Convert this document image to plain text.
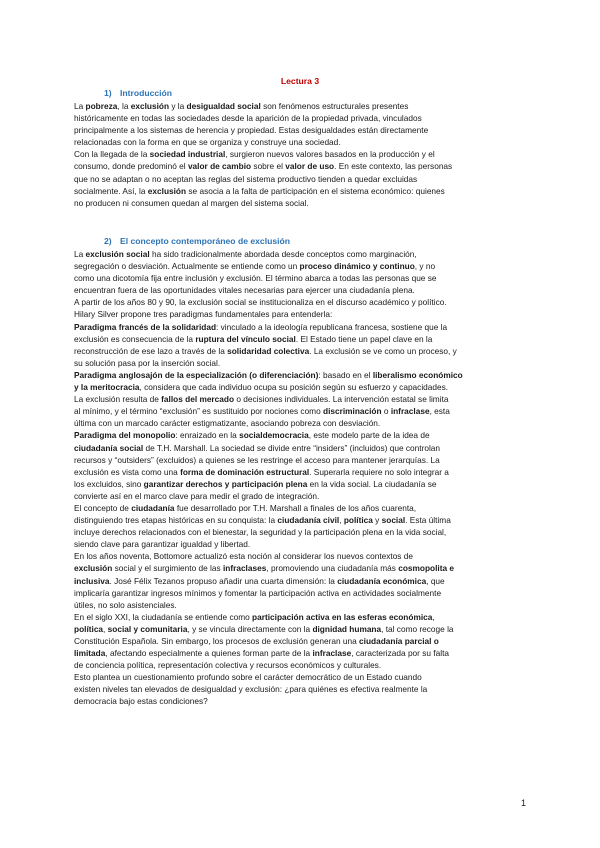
Lectura 3
1) Introducción

La pobreza, la exclusión y la desigualdad social son fenómenos estructurales presentes
históricamente en todas las sociedades desde la aparición de la propiedad privada, vinculados
principalmente a los sistemas de herencia y propiedad. Estas desigualdades están directamente
relacionadas con la forma en que se organiza y construye una sociedad.

Con la llegada de la sociedad industrial, surgieron nuevos valores basados en la producción y el
consumo, donde predominó el valor de cambio sobre el valor de uso. En este contexto, las personas
que no se adaptan o no aceptan las reglas del sistema productivo tienden a quedar excluidas
socialmente. Así, la exclusión se asocia a la falta de participación en el sistema económico: quienes
no producen ni consumen quedan al margen del sistema social.

2) El concepto contemporáneo de exclusión

La exclusión social ha sido tradicionalmente abordada desde conceptos como marginación,
segregación o desviación. Actualmente se entiende como un proceso dinámico y continuo, y no
como una dicotomía fija entre inclusión y exclusión. El término abarca a todas las personas que se
encuentran fuera de las oportunidades vitales necesarias para ejercer una ciudadanía plena.

A partir de los años 80 y 90, la exclusión social se institucionaliza en el discurso académico y político.
Hilary Silver propone tres paradigmas fundamentales para entenderla:

Paradigma francés de la solidaridad: vinculado a la ideología republicana francesa, sostiene que la
exclusión es consecuencia de la ruptura del vínculo social. El Estado tiene un papel clave en la
reconstrucción de ese lazo a través de la solidaridad colectiva. La exclusión se ve como un proceso, y
su solución pasa por la inserción social.

Paradigma anglosajón de la especialización (o diferenciación): basado en el liberalismo económico
y la meritocracia, considera que cada individuo ocupa su posición según su esfuerzo y capacidades.
La exclusión resulta de fallos del mercado o decisiones individuales. La intervención estatal se limita
al mínimo, y el término “exclusión” es sustituido por nociones como discriminación o infraclase, esta
última con un marcado carácter estigmatizante, asociando pobreza con desviación.

Paradigma del monopolio: enraizado en la socialdemocracia, este modelo parte de la idea de
ciudadanía social de T.H. Marshall. La sociedad se divide entre “insiders” (incluidos) que controlan
recursos y “outsiders” (excluidos) a quienes se les restringe el acceso para mantener jerarquías. La
exclusión es vista como una forma de dominación estructural. Superarla requiere no solo integrar a
los excluidos, sino garantizar derechos y participación plena en la vida social. La ciudadanía se
convierte así en el marco clave para medir el grado de integración.

El concepto de ciudadanía fue desarrollado por T.H. Marshall a finales de los años cuarenta,
distinguiendo tres etapas históricas en su conquista: la ciudadanía civil, política y social. Esta última
incluye derechos relacionados con el bienestar, la seguridad y la participación plena en la vida social,
siendo clave para garantizar igualdad y libertad.

En los años noventa, Bottomore actualizó esta noción al considerar los nuevos contextos de
exclusión social y el surgimiento de las infraclases, promoviendo una ciudadanía más cosmopolita e
inclusiva. José Félix Tezanos propuso añadir una cuarta dimensión: la ciudadanía económica, que
implicaría garantizar ingresos mínimos y fomentar la participación activa en actividades socialmente
útiles, no solo asistenciales.

En el siglo XXI, la ciudadanía se entiende como participación activa en las esferas económica,
política, social y comunitaria, y se vincula directamente con la dignidad humana, tal como recoge la
Constitución Española. Sin embargo, los procesos de exclusión generan una ciudadanía parcial o
limitada, afectando especialmente a quienes forman parte de la infraclase, caracterizada por su falta
de conciencia política, representación colectiva y recursos económicos y culturales.

Esto plantea un cuestionamiento profundo sobre el carácter democrático de un Estado cuando
existen niveles tan elevados de desigualdad y exclusión: ¿para quiénes es efectiva realmente la
democracia bajo estas condiciones?

1
